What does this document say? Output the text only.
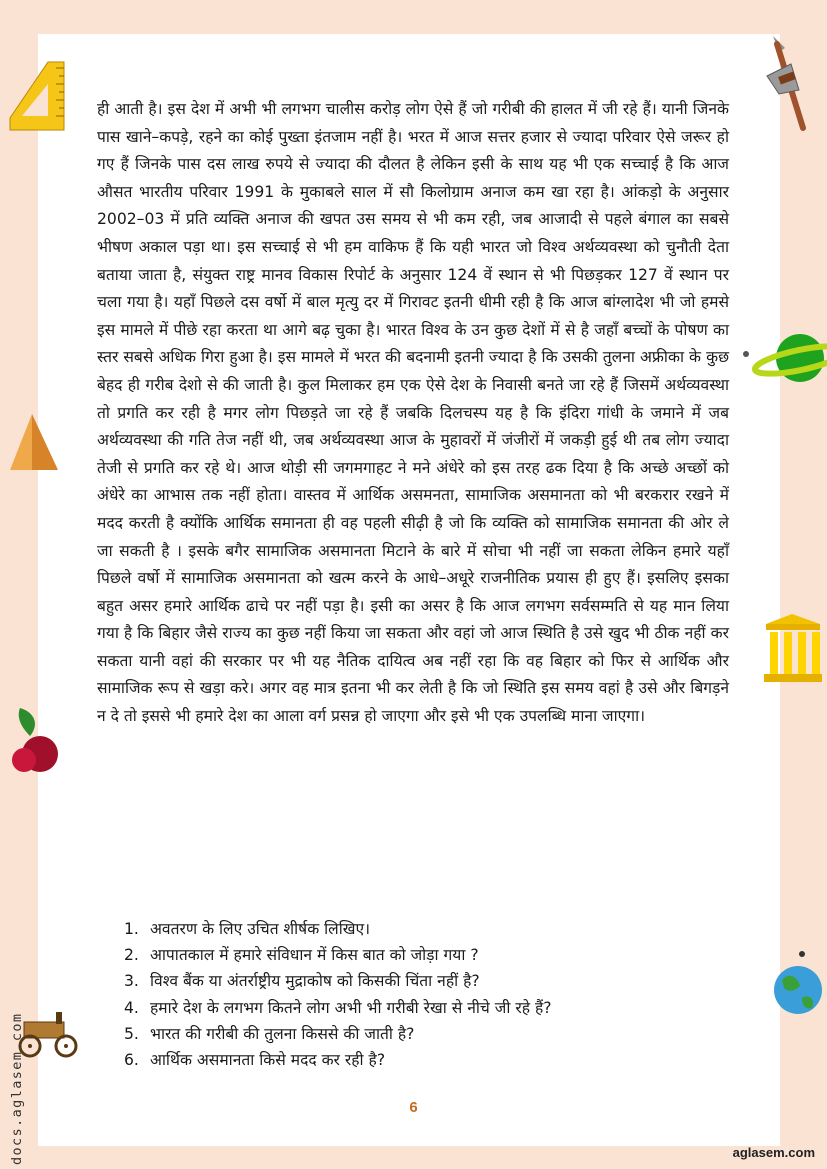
ही आती है। इस देश में अभी भी लगभग चालीस करोड़ लोग ऐसे हैं जो गरीबी की हालत में जी रहे हैं। यानी जिनके पास खाने–कपड़े, रहने का कोई पुख्ता इंतजाम नहीं है। भरत में आज सत्तर हजार से ज्यादा परिवार ऐसे जरूर हो गए हैं जिनके पास दस लाख रुपये से ज्यादा की दौलत है लेकिन इसी के साथ यह भी एक सच्चाई है कि आज औसत भारतीय परिवार 1991 के मुकाबले साल में सौ किलोग्राम अनाज कम खा रहा है। आंकड़ो के अनुसार 2002–03 में प्रति व्यक्ति अनाज की खपत उस समय से भी कम रही, जब आजादी से पहले बंगाल का सबसे भीषण अकाल पड़ा था। इस सच्चाई से भी हम वाकिफ हैं कि यही भारत जो विश्व अर्थव्यवस्था को चुनौती देता बताया जाता है, संयुक्त राष्ट्र मानव विकास रिपोर्ट के अनुसार 124 वें स्थान से भी पिछड़कर 127 वें स्थान पर चला गया है। यहाँ पिछले दस वर्षो में बाल मृत्यु दर में गिरावट इतनी धीमी रही है कि आज बांग्लादेश भी जो हमसे इस मामले में पीछे रहा करता था आगे बढ़ चुका है। भारत विश्व के उन कुछ देशों में से है जहाँ बच्चों के पोषण का स्तर सबसे अधिक गिरा हुआ है। इस मामले में भरत की बदनामी इतनी ज्यादा है कि उसकी तुलना अफ्रीका के कुछ बेहद ही गरीब देशो से की जाती है। कुल मिलाकर हम एक ऐसे देश के निवासी बनते जा रहे हैं जिसमें अर्थव्यवस्था तो प्रगति कर रही है मगर लोग पिछड़ते जा रहे हैं जबकि दिलचस्प यह है कि इंदिरा गांधी के जमाने में जब अर्थव्यवस्था की गति तेज नहीं थी, जब अर्थव्यवस्था आज के मुहावरों में जंजीरों में जकड़ी हुई थी तब लोग ज्यादा तेजी से प्रगति कर रहे थे। आज थोड़ी सी जगमगाहट ने मने अंधेरे को इस तरह ढक दिया है कि अच्छे अच्छों को अंधेरे का आभास तक नहीं होता। वास्तव में आर्थिक असमनता, सामाजिक असमानता को भी बरकरार रखने में मदद करती है क्योंकि आर्थिक समानता ही वह पहली सीढ़ी है जो कि व्यक्ति को सामाजिक समानता की ओर ले जा सकती है । इसके बगैर सामाजिक असमानता मिटाने के बारे में सोचा भी नहीं जा सकता लेकिन हमारे यहाँ पिछले वर्षो में सामाजिक असमानता को खत्म करने के आधे–अधूरे राजनीतिक प्रयास ही हुए हैं। इसलिए इसका बहुत असर हमारे आर्थिक ढाचे पर नहीं पड़ा है। इसी का असर है कि आज लगभग सर्वसम्मति से यह मान लिया गया है कि बिहार जैसे राज्य का कुछ नहीं किया जा सकता और वहां जो आज स्थिति है उसे खुद भी ठीक नहीं कर सकता यानी वहां की सरकार पर भी यह नैतिक दायित्व अब नहीं रहा कि वह बिहार को फिर से आर्थिक और सामाजिक रूप से खड़ा करे। अगर वह मात्र इतना भी कर लेती है कि जो स्थिति इस समय वहां है उसे और बिगड़ने न दे तो इससे भी हमारे देश का आला वर्ग प्रसन्न हो जाएगा और इसे भी एक उपलब्धि माना जाएगा।

1. अवतरण के लिए उचित शीर्षक लिखिए।
2. आपातकाल में हमारे संविधान में किस बात को जोड़ा गया ?
3. विश्व बैंक या अंतर्राष्ट्रीय मुद्राकोष को किसकी चिंता नहीं है?
4. हमारे देश के लगभग कितने लोग अभी भी गरीबी रेखा से नीचे जी रहे हैं?
5. भारत की गरीबी की तुलना किससे की जाती है?
6. आर्थिक असमानता किसे मदद कर रही है?
6
docs.aglasem.com	aglasem.com
